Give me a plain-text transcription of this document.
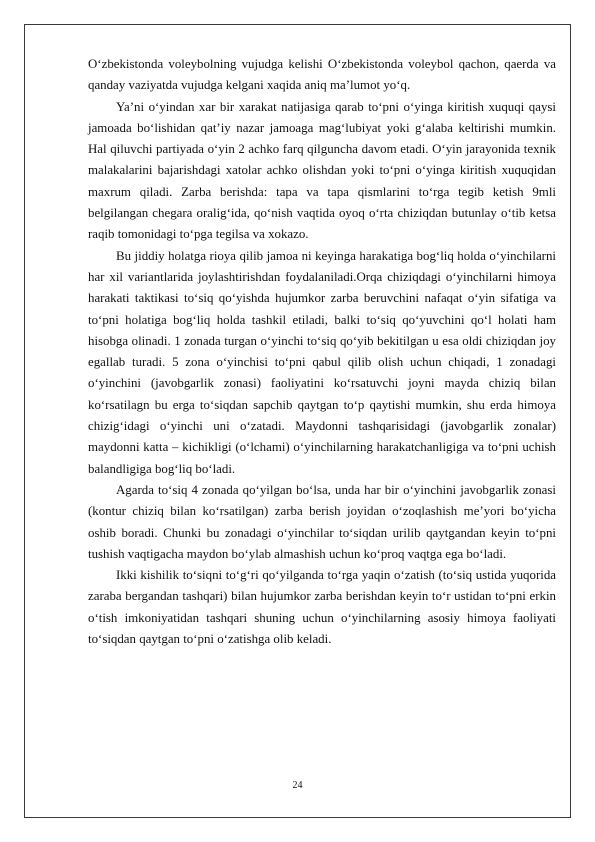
O‘zbekistonda voleybolning vujudga kelishi O‘zbekistonda voleybol qachon, qaerda va qanday vaziyatda vujudga kelgani xaqida aniq ma’lumot yo‘q.

Ya’ni o‘yindan xar bir xarakat natijasiga qarab to‘pni o‘yinga kiritish xuquqi qaysi jamoada bo‘lishidan qat’iy nazar jamoaga mag‘lubiyat yoki g‘alaba keltirishi mumkin. Hal qiluvchi partiyada o‘yin 2 achko farq qilguncha davom etadi. O‘yin jarayonida texnik malakalarini bajarishdagi xatolar achko olishdan yoki to‘pni o‘yinga kiritish xuquqidan maxrum qiladi. Zarba berishda: tapa va tapa qismlarini to‘rga tegib ketish 9mli belgilangan chegara oralig‘ida, qo‘nish vaqtida oyoq o‘rta chiziqdan butunlay o‘tib ketsa raqib tomonidagi to‘pga tegilsa va xokazo.

Bu jiddiy holatga rioya qilib jamoa ni keyinga harakatiga bog‘liq holda o‘yinchilarni har xil variantlarida joylashtirishdan foydalaniladi.Orqa chiziqdagi o‘yinchilarni himoya harakati taktikasi to‘siq qo‘yishda hujumkor zarba beruvchini nafaqat o‘yin sifatiga va to‘pni holatiga bog‘liq holda tashkil etiladi, balki to‘siq qo‘yuvchini qo‘l holati ham hisobga olinadi. 1 zonada turgan o‘yinchi to‘siq qo‘yib bekitilgan u esa oldi chiziqdan joy egallab turadi. 5 zona o‘yinchisi to‘pni qabul qilib olish uchun chiqadi, 1 zonadagi o‘yinchini (javobgarlik zonasi) faoliyatini ko‘rsatuvchi joyni mayda chiziq bilan ko‘rsatilagn bu erga to‘siqdan sapchib qaytgan to‘p qaytishi mumkin, shu erda himoya chizig‘idagi o‘yinchi uni o‘zatadi. Maydonni tashqarisidagi (javobgarlik zonalar) maydonni katta – kichikligi (o‘lchami) o‘yinchilarning harakatchanligiga va to‘pni uchish balandligiga bog‘liq bo‘ladi.

Agarda to‘siq 4 zonada qo‘yilgan bo‘lsa, unda har bir o‘yinchini javobgarlik zonasi (kontur chiziq bilan ko‘rsatilgan) zarba berish joyidan o‘zoqlashish me’yori bo‘yicha oshib boradi. Chunki bu zonadagi o‘yinchilar to‘siqdan urilib qaytgandan keyin to‘pni tushish vaqtigacha maydon bo‘ylab almashish uchun ko‘proq vaqtga ega bo‘ladi.

Ikki kishilik to‘siqni to‘g‘ri qo‘yilganda to‘rga yaqin o‘zatish (to‘siq ustida yuqorida zaraba bergandan tashqari) bilan hujumkor zarba berishdan keyin to‘r ustidan to‘pni erkin o‘tish imkoniyatidan tashqari shuning uchun o‘yinchilarning asosiy himoya faoliyati to‘siqdan qaytgan to‘pni o‘zatishga olib keladi.

24
